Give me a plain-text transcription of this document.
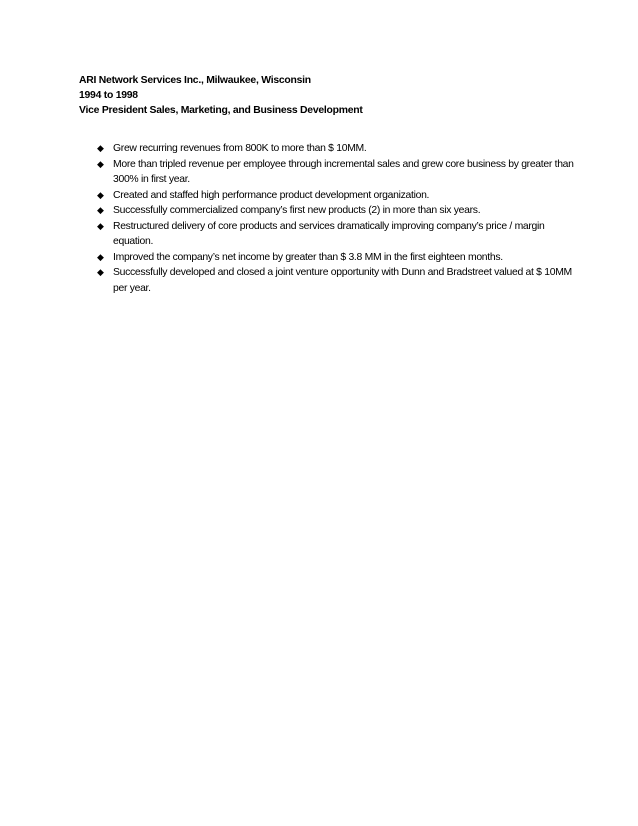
ARI Network Services Inc., Milwaukee, Wisconsin
1994 to 1998
Vice President Sales, Marketing, and Business Development
◆ Grew recurring revenues from 800K to more than $ 10MM.
◆ More than tripled revenue per employee through incremental sales and grew core business by greater than 300% in first year.
◆ Created and staffed high performance product development organization.
◆ Successfully commercialized company’s first new products (2) in more than six years.
◆ Restructured delivery of core products and services dramatically improving company’s price / margin equation.
◆ Improved the company’s net income by greater than $ 3.8 MM in the first eighteen months.
◆ Successfully developed and closed a joint venture opportunity with Dunn and Bradstreet valued at $ 10MM per year.
